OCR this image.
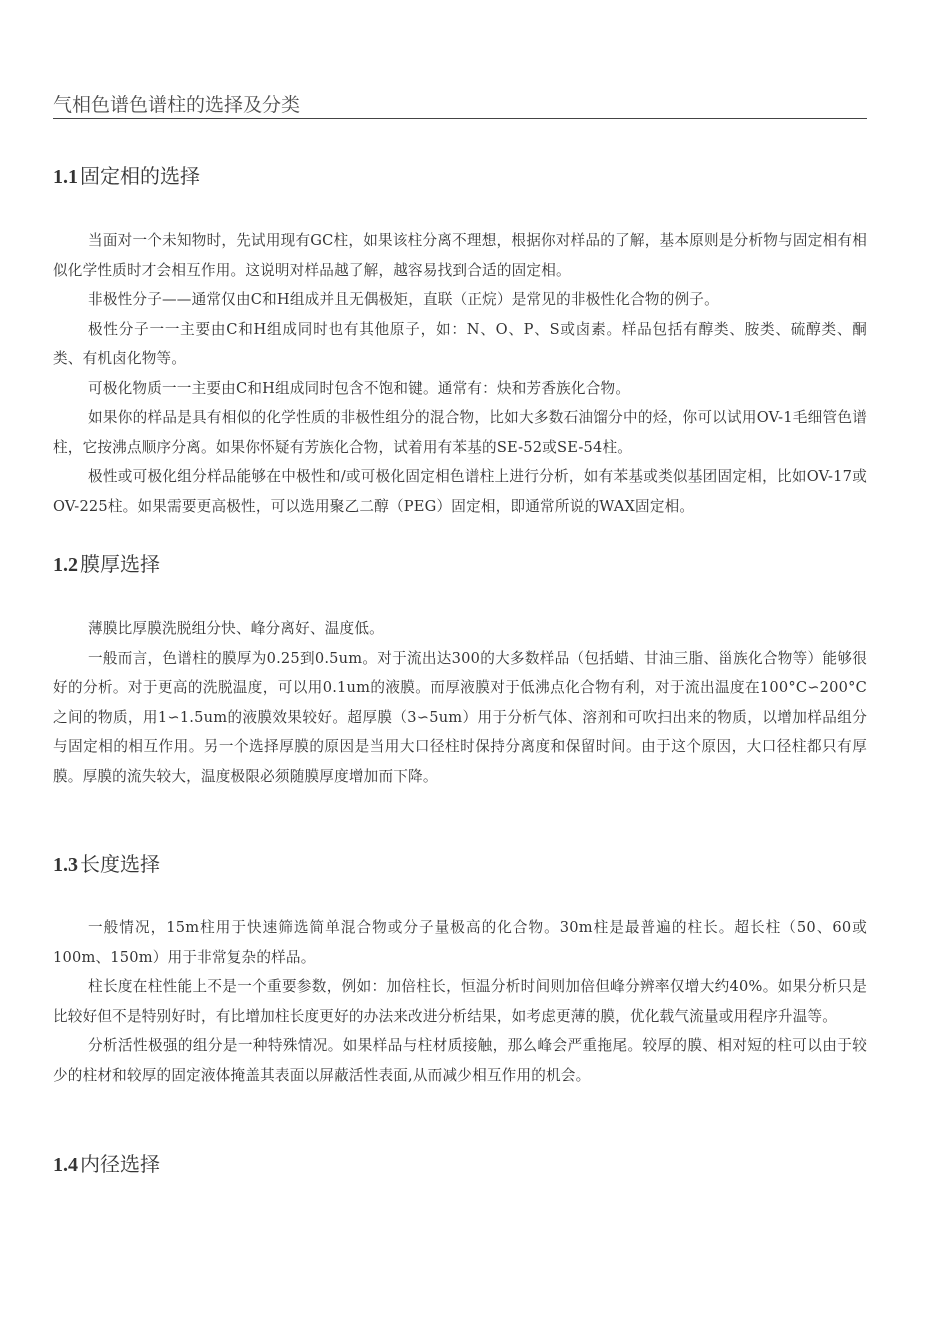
气相色谱色谱柱的选择及分类
1.1 固定相的选择

当面对一个未知物时，先试用现有GC柱，如果该柱分离不理想，根据你对样品的了解，基本原则是分析物与固定相有相似化学性质时才会相互作用。这说明对样品越了解，越容易找到合适的固定相。

非极性分子——通常仅由C和H组成并且无偶极矩，直联（正烷）是常见的非极性化合物的例子。

极性分子一一主要由C和H组成同时也有其他原子，如：N、O、P、S或卤素。样品包括有醇类、胺类、硫醇类、酮类、有机卤化物等。

可极化物质一一主要由C和H组成同时包含不饱和键。通常有：炔和芳香族化合物。

如果你的样品是具有相似的化学性质的非极性组分的混合物，比如大多数石油馏分中的烃，你可以试用OV-1毛细管色谱柱，它按沸点顺序分离。如果你怀疑有芳族化合物，试着用有苯基的SE-52或SE-54柱。

极性或可极化组分样品能够在中极性和/或可极化固定相色谱柱上进行分析，如有苯基或类似基团固定相，比如OV-17或OV-225柱。如果需要更高极性，可以选用聚乙二醇（PEG）固定相，即通常所说的WAX固定相。

1.2 膜厚选择

薄膜比厚膜洗脱组分快、峰分离好、温度低。

一般而言，色谱柱的膜厚为0.25到0.5um。对于流出达300的大多数样品（包括蜡、甘油三脂、甾族化合物等）能够很好的分析。对于更高的洗脱温度，可以用0.1um的液膜。而厚液膜对于低沸点化合物有利，对于流出温度在100°C∽200°C之间的物质，用1∽1.5um的液膜效果较好。超厚膜（3∽5um）用于分析气体、溶剂和可吹扫出来的物质，以增加样品组分与固定相的相互作用。另一个选择厚膜的原因是当用大口径柱时保持分离度和保留时间。由于这个原因，大口径柱都只有厚膜。厚膜的流失较大，温度极限必须随膜厚度增加而下降。

1.3 长度选择

一般情况，15m柱用于快速筛选简单混合物或分子量极高的化合物。30m柱是最普遍的柱长。超长柱（50、60或100m、150m）用于非常复杂的样品。

柱长度在柱性能上不是一个重要参数，例如：加倍柱长，恒温分析时间则加倍但峰分辨率仅增大约40%。如果分析只是比较好但不是特别好时，有比增加柱长度更好的办法来改进分析结果，如考虑更薄的膜，优化载气流量或用程序升温等。

分析活性极强的组分是一种特殊情况。如果样品与柱材质接触，那么峰会严重拖尾。较厚的膜、相对短的柱可以由于较少的柱材和较厚的固定液体掩盖其表面以屏蔽活性表面,从而减少相互作用的机会。

1.4 内径选择
